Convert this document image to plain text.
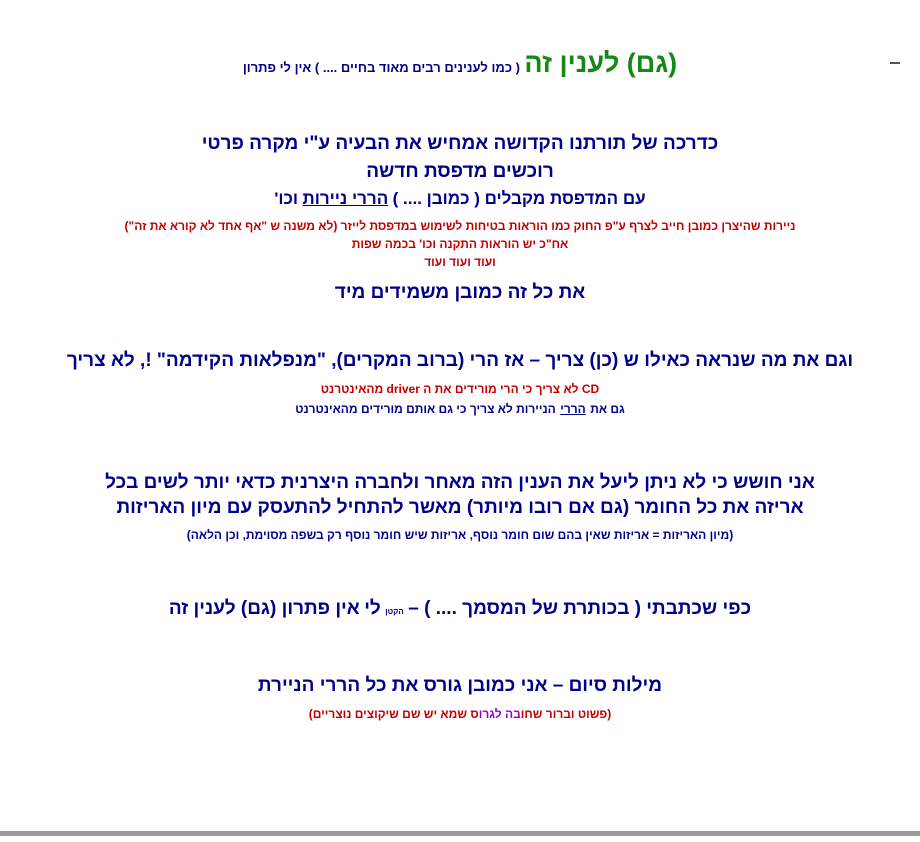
(גם) לענין זה ( כמו לענינים רבים מאוד בחיים .... ) אין לי פתרון
כדרכה של תורתנו הקדושה אמחיש את הבעיה ע"י מקרה פרטי
רוכשים מדפסת חדשה
עם המדפסת מקבלים ( כמובן .... ) הררי ניירות וכו'
ניירות שהיצרן כמובן חייב לצרף ע"פ החוק כמו הוראות בטיחות לשימוש במדפסת לייזר (לא משנה ש "אף אחד לא קורא את זה")
אח"כ יש הוראות התקנה וכו' בכמה שפות
ועוד ועוד ועוד
את כל זה כמובן משמידים מיד
וגם את מה שנראה כאילו ש (כן) צריך – אז הרי (ברוב המקרים), "מנפלאות הקידמה" !, לא צריך
CD לא צריך כי הרי מורידים את ה driver מהאינטרנט
גם את הררי הניירות לא צריך כי גם אותם מורידים מהאינטרנט
אני חושש כי לא ניתן ליעל את הענין הזה מאחר ולחברה היצרנית כדאי יותר לשים בכל
אריזה את כל החומר (גם אם רובו מיותר) מאשר להתחיל להתעסק עם מיון האריזות
(מיון האריזות = אריזות שאין בהם שום חומר נוסף, אריזות שיש חומר נוסף רק בשפה מסוימת, וכן הלאה)
כפי שכתבתי ( בכותרת של המסמך .... ) – הקטן לי אין פתרון (גם) לענין זה
מילות סיום – אני כמובן גורס את כל הררי הניירת
(פשוט וברור שחובה לגרוס שמא יש שם שיקוצים נוצריים)
